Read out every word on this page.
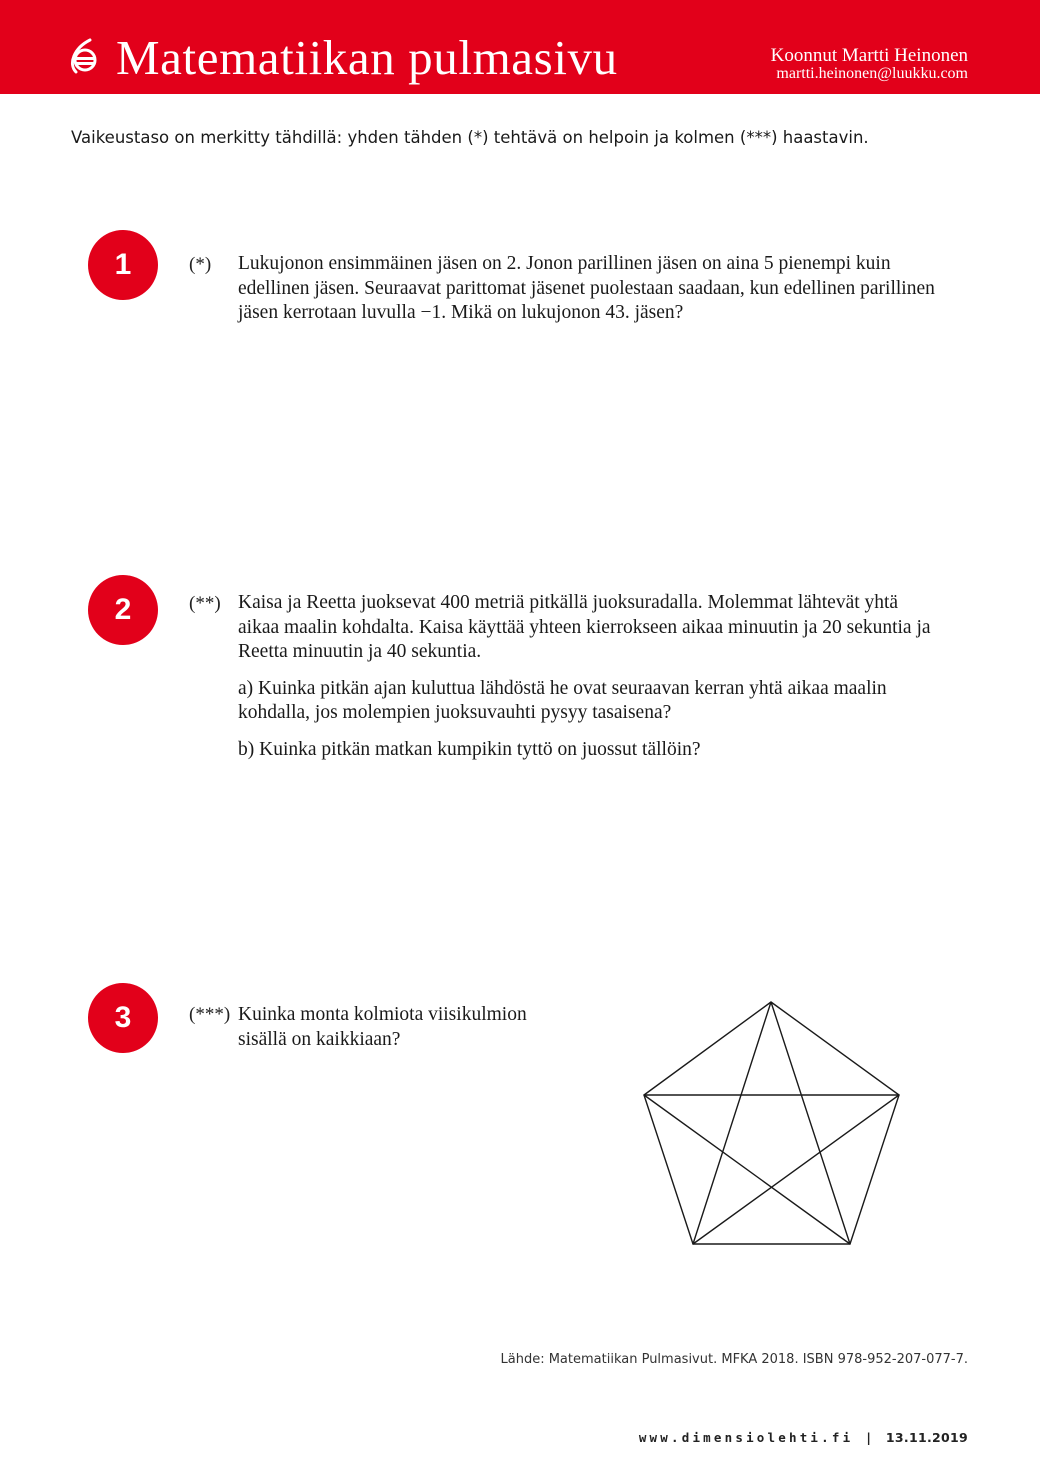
Matematiikan pulmasivu	Koonnut Martti Heinonen
martti.heinonen@luukku.com
Vaikeustaso on merkitty tähdillä: yhden tähden (*) tehtävä on helpoin ja kolmen (***) haastavin.
1	(*) Lukujonon ensimmäinen jäsen on 2. Jonon parillinen jäsen on aina 5 pienempi kuin edellinen jäsen. Seuraavat parittomat jäsenet puolestaan saadaan, kun edellinen parillinen jäsen kerrotaan luvulla −1. Mikä on lukujonon 43. jäsen?

2	(**) Kaisa ja Reetta juoksevat 400 metriä pitkällä juoksuradalla. Molemmat lähtevät yhtä aikaa maalin kohdalta. Kaisa käyttää yhteen kierrokseen aikaa minuutin ja 20 sekuntia ja Reetta minuutin ja 40 sekuntia.

a) Kuinka pitkän ajan kuluttua lähdöstä he ovat seuraavan kerran yhtä aikaa maalin kohdalla, jos molempien juoksuvauhti pysyy tasaisena?

b) Kuinka pitkän matkan kumpikin tyttö on juossut tällöin?

3	(***) Kuinka monta kolmiota viisikulmion sisällä on kaikkiaan?

Lähde: Matematiikan Pulmasivut. MFKA 2018. ISBN 978-952-207-077-7.
www.dimensiolehti.fi | 13.11.2019
